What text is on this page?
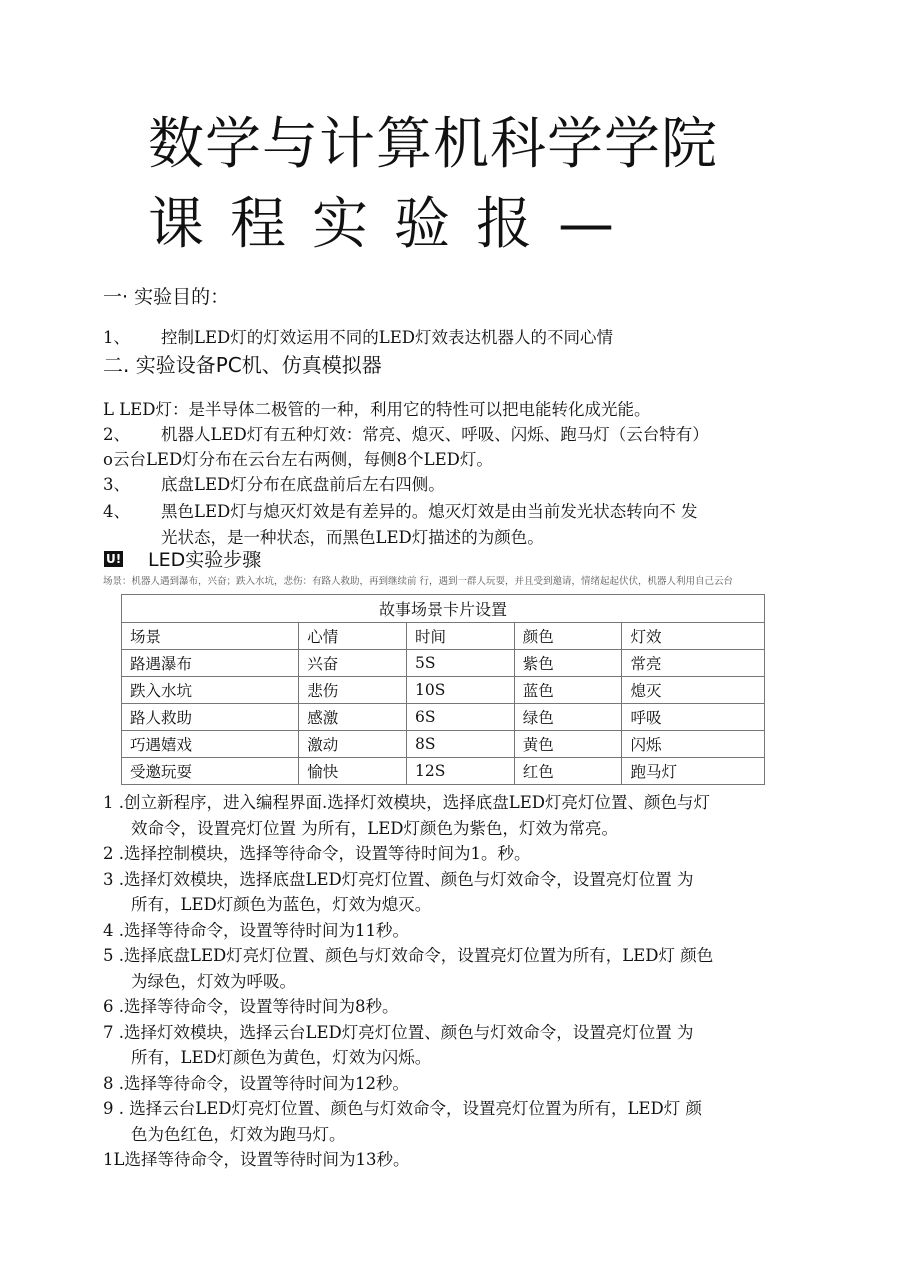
数学与计算机科学学院
课程实验报—
一· 实验目的：
1、 控制LED灯的灯效运用不同的LED灯效表达机器人的不同心情
二. 实验设备PC机、仿真模拟器
L LED灯：是半导体二极管的一种，利用它的特性可以把电能转化成光能。
2、 机器人LED灯有五种灯效：常亮、熄灭、呼吸、闪烁、跑马灯（云台特有）
o云台LED灯分布在云台左右两侧，每侧8个LED灯。
3、 底盘LED灯分布在底盘前后左右四侧。
4、 黑色LED灯与熄灭灯效是有差异的。熄灭灯效是由当前发光状态转向不 发
光状态，是一种状态，而黑色LED灯描述的为颜色。
U! LED实验步骤
场景：机器人遇到瀑布，兴奋；跌入水坑，悲伤：有路人救助，再到继续前 行，遇到一群人玩耍，并且受到邀请，情绪起起伏伏，机器人利用自己云台
故事场景卡片设置				
场景	心情	时间	颜色	灯效
路遇瀑布	兴奋	5S	紫色	常亮
跌入水坑	悲伤	10S	蓝色	熄灭
路人救助	感激	6S	绿色	呼吸
巧遇嬉戏	激动	8S	黄色	闪烁
受邀玩耍	愉快	12S	红色	跑马灯
1 .创立新程序，进入编程界面.选择灯效模块，选择底盘LED灯亮灯位置、颜色与灯
效命令，设置亮灯位置 为所有，LED灯颜色为紫色，灯效为常亮。
2 .选择控制模块，选择等待命令，设置等待时间为1。秒。
3 .选择灯效模块，选择底盘LED灯亮灯位置、颜色与灯效命令，设置亮灯位置 为
所有，LED灯颜色为蓝色，灯效为熄灭。
4 .选择等待命令，设置等待时间为11秒。
5 .选择底盘LED灯亮灯位置、颜色与灯效命令，设置亮灯位置为所有，LED灯 颜色
为绿色，灯效为呼吸。
6 .选择等待命令，设置等待时间为8秒。
7 .选择灯效模块，选择云台LED灯亮灯位置、颜色与灯效命令，设置亮灯位置 为
所有，LED灯颜色为黄色，灯效为闪烁。
8 .选择等待命令，设置等待时间为12秒。
9 . 选择云台LED灯亮灯位置、颜色与灯效命令，设置亮灯位置为所有，LED灯 颜
色为色红色，灯效为跑马灯。
1L选择等待命令，设置等待时间为13秒。
